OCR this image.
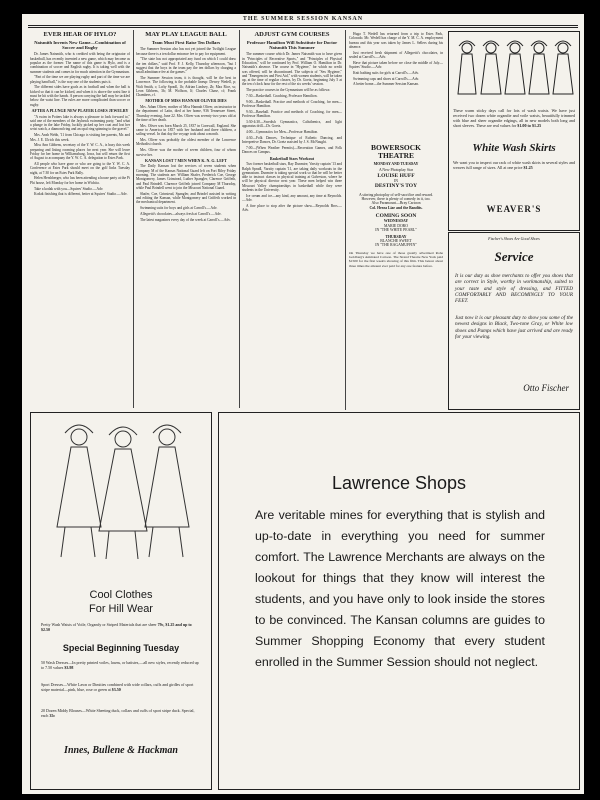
THE SUMMER SESSION KANSAN
EVER HEAR OF HYLO?
Naismith Invents New Game—Combination of Soccer and Rugby

Dr. James Naismith, who is credited with being the originator of basketball, has recently invented a new game, which may become as popular as the former. The name of this game is Hylo, and is a combination of soccer and English rugby. It is taking well with the summer students and comes in for much attention in the Gymnasium.

"Part of the time we are playing rugby and part of the time we are playing hand ball," is the way one of the students puts it.

The different sides have goals as in football and when the ball is kicked so that it can be kicked, and when it is above the waist line it must be hit with the hands. A person carrying the ball may be tackled below the waist line. The rules are more complicated than soccer or rugby.

AFTER A PLUNGE NEW PLAYER LOSES JEWELRY

"A swim in Potters lake is always a pleasure to look forward to," said one of the members of the Jayhawk swimming party, "and what a plunge in the lake Friday, luckily picked up her coat and lost her wrist watch, a diamond ring and an opal ring spinning to the gravel."

Mrs. Ansb Webb, '11 from Chicago is visiting her parents, Mr. and Mrs. J. E. Ulrich this week.

Miss Ann Gibbens, secretary of the Y. W. C. A., is busy this week preparing and listing rooming places for next year. She will leave Friday for her home in Williamsburg, Iowa, but will return the first of August to accompany the Y. W. C. A. delegation to Estes Park.

All people who have gone or who are going to the Y. W. C. A. Conference at Estes Park should meet on the golf links Tuesday night, at 7:30 for an Estes Park Rally.

Helen Hershberger, who has been attending a house party at the Pi Phi house, left Monday for her home in Wichita.

Take a kodak with you—Squires' Studio.—Adv.

Kodak finishing that is different, better at Squires' Studio.—Adv.

MAY PLAY LEAGUE BALL
Team Must First Raise Ten Dollars

The Summer Session also has not yet joined the Twilight League because there is a ten dollar entrance fee to pay for equipment.

"The state has not appropriated any fund on which I could draw the ten dollars," said Prof. F. J. Kelly, Thursday afternoon, "but I suggest that the boys in the team pay the ten dollars by charging a small admittance fee at the games."

The Summer Session team, it is thought, will be the best in Lawrence. The following is the probable lineup: Dewey Wedell, p; Walt Smith, c; Lofty Spradl, 1b; Adrian Lindsey, 2b; Max Rice, ss; Leon Gibbens, 3b; M. Wolfson, lf; Charles Chase, cf; Frank Chambers, rf.

MOTHER OF MISS HANNAH OLIVER DIES

Mrs. Adam Oliver, mother of Miss Hannah Oliver, an instructor in the department of Latin, died at her home, 936 Tennessee Street, Thursday evening, June 22. Mrs. Oliver was seventy-two years old at the time of her death.

Mrs. Oliver was born March 25, 1837 in Cornwall, England. She came to America in 1857 with her husband and three children, a sailing vessel. In that day the voyage took about a month.

Mrs. Oliver was probably the oldest member of the Lawrence Methodist church.

Mrs. Oliver was the mother of seven children, four of whom survive her.

KANSAN LOST 7 MEN WHEN K. N. G. LEFT

The Daily Kansan lost the services of seven students when Company M of the Kansas National Guard left on Fort Riley Friday morning. The students are: William Shafer, Frederick Coe, George Montgomery, James Grinstead, Luther Spangler, Clarence Griffeth, and Paul Brindell. Clarence Griffeth joined Company M Thursday, while Paul Brindell went to join the Missouri National Guard.

Shafer, Coe, Grinstead, Spangler, and Brindel assisted in writing and editing the Kansan, while Montgomery and Griffeth worked in the mechanical department.

Swimming suits for boys and girls at Carroll's.—Adv.

Allegretti's chocolates—always fresh at Carroll's.—Adv.

The latest magazines every day of the week at Carroll's.—Adv.

ADJUST GYM COURSES
Professor Hamilton Will Substitute for Doctor Naismith This Summer

The summer course which Dr. James Naismith was to have given in "Principles of Recreative Sports," and "Principles of Physical Education," will be continued by Prof. William O. Hamilton in Dr. Naismith's absence. The course in "Hygiene," for which no credit was offered, will be discontinued. The subjects of "Sex Hygiene," and "Emergencies and First Aid," with women students, will be taken up, at the time of regular classes, by Dr. Goetz, beginning July 5 at the ten o'clock hour for the rest of the six weeks' session.

The practice courses in the Gymnasium will be as follows:

7:30—Basketball. Coaching, Professor Hamilton.

9:00—Basketball. Practice and methods of Coaching, for men—Professor Hamilton.

9:30—Baseball. Practice and methods of Coaching, for men—Professor Hamilton.

3:30-4:30—Swedish Gymnastics, Calisthenics, and light apparatus drill—Dr. Goetz.

4:00—Gymnastics for Men—Professor Hamilton.

4:30—Folk Dances, Technique of Esthetic Dancing, and Interpretive Dances, Dr. Goetz assisted by J. S. McNaught.

7:00—(When Weather Permits)—Recreation Games, and Folk Dances on Campus.

Basketball Stars Workout

Two former basketball stars, Ray Dunmire, Varsity captain '13 and Ralph Spradl, Varsity captain '11, are taking daily workouts in the gymnasium. Dunmire is taking special work so that he will be better able to instruct classes in physical training at Galveston, where he will be physical director next year. These men helped win three Missouri Valley championships in basketball while they were students in the University.

Ice cream and ice—any kind, any amount, any time at Reynolds.—Adv.

A fine place to stop after the picture show—Reynolds Bros.—Adv.

Hugo T. Wedell has returned from a trip to Estes Park, Colorado. Mr. Wedell has charge of the Y. M. C. A. employment bureau and this year was taken by James L. Sellers during his absence.

Just received fresh shipment of Allegretti's chocolates, in sealed at Carroll's.—Adv.

Have that picture taken before we close the middle of July—Squires' Studio.—Adv.

Knit bathing suits for girls at Carroll's.—Adv.

Swimming caps and shoes at Carroll's.—Adv.

A better home—the Summer Session Kansan.

BOWERSOCK
THEATRE
MONDAY AND TUESDAY
A New Photoplay Star
LOUISE HUFF
IN
DESTINY'S TOY
A stirring photoplay of self-sacrifice and reward.
However, there is plenty of comedy in it, too.
Also Paramount—Bray Cartoon
Col. Heeza Liar and the Bandits.
COMING SOON
WEDNESDAY
MARIE DORO
IN "THE WHITE PEARL"
THURSDAY
BLANCHE SWEET
IN "THE RAGAMUFFIN"
On Thursday we have one of those greatly advertised Robe Goldberg's Animated Cartoon. The Strand Theatre New York paid $1500 for the first week's showing of this film. This beiour about three times the amount ever paid for any one feature before.
These warm sticky days call for lots of wash waists. We have just received two dozen white organdie and voile waists, beautifully trimmed with blue and sheer organdie edgings, all in new models both long and short sleeves. These are real values for $1.00 to $1.25
White Wash Skirts
We want you to inspect our rack of white wash skirts in several styles and weaves full range of sizes. All at one price $1.25
WEAVER'S
Fischer's Shoes Are Good Shoes
Service
It is our duty as shoe merchants to offer you shoes that are correct in Style, worthy in workmanship, suited to your taste and style of dressing, and FITTED COMFORTABLY AND BECOMINGLY TO YOUR FEET.
Just now it is our pleasant duty to show you some of the newest designs in Black, Two-tone Gray, or White low shoes and Pumps which have just arrived and are ready for your viewing.
Otto Fischer
Cool Clothes
For Hill Wear
Pretty Wash Waists of Voile, Organdy or Striped Materials that are sheer 79c, $1.25 and up to $2.50
Special Beginning Tuesday
50 Wash Dresses—In pretty printed voiles, lawns, or batistes,—all new styles, recently reduced up to 7.50 values $3.98
Sport Dresses—White Lawn or Dimities combined with wide collars, cuffs and girdles of sport stripe material—pink, blue, rose or green at $3.50
20 Dozen Middy Blouses—White Sheeting duck, collars and cuffs of sport stripe duck. Special, each 35c
Innes, Bullene & Hackman
Lawrence Shops
Are veritable mines for everything that is stylish and up-to-date in everything you need for summer comfort. The Lawrence Merchants are always on the lookout for things that they know will interest the students, and you have only to look inside the stores to be convinced. The Kansan columns are guides to Summer Shopping Economy that every student enrolled in the Summer Session should not neglect.
